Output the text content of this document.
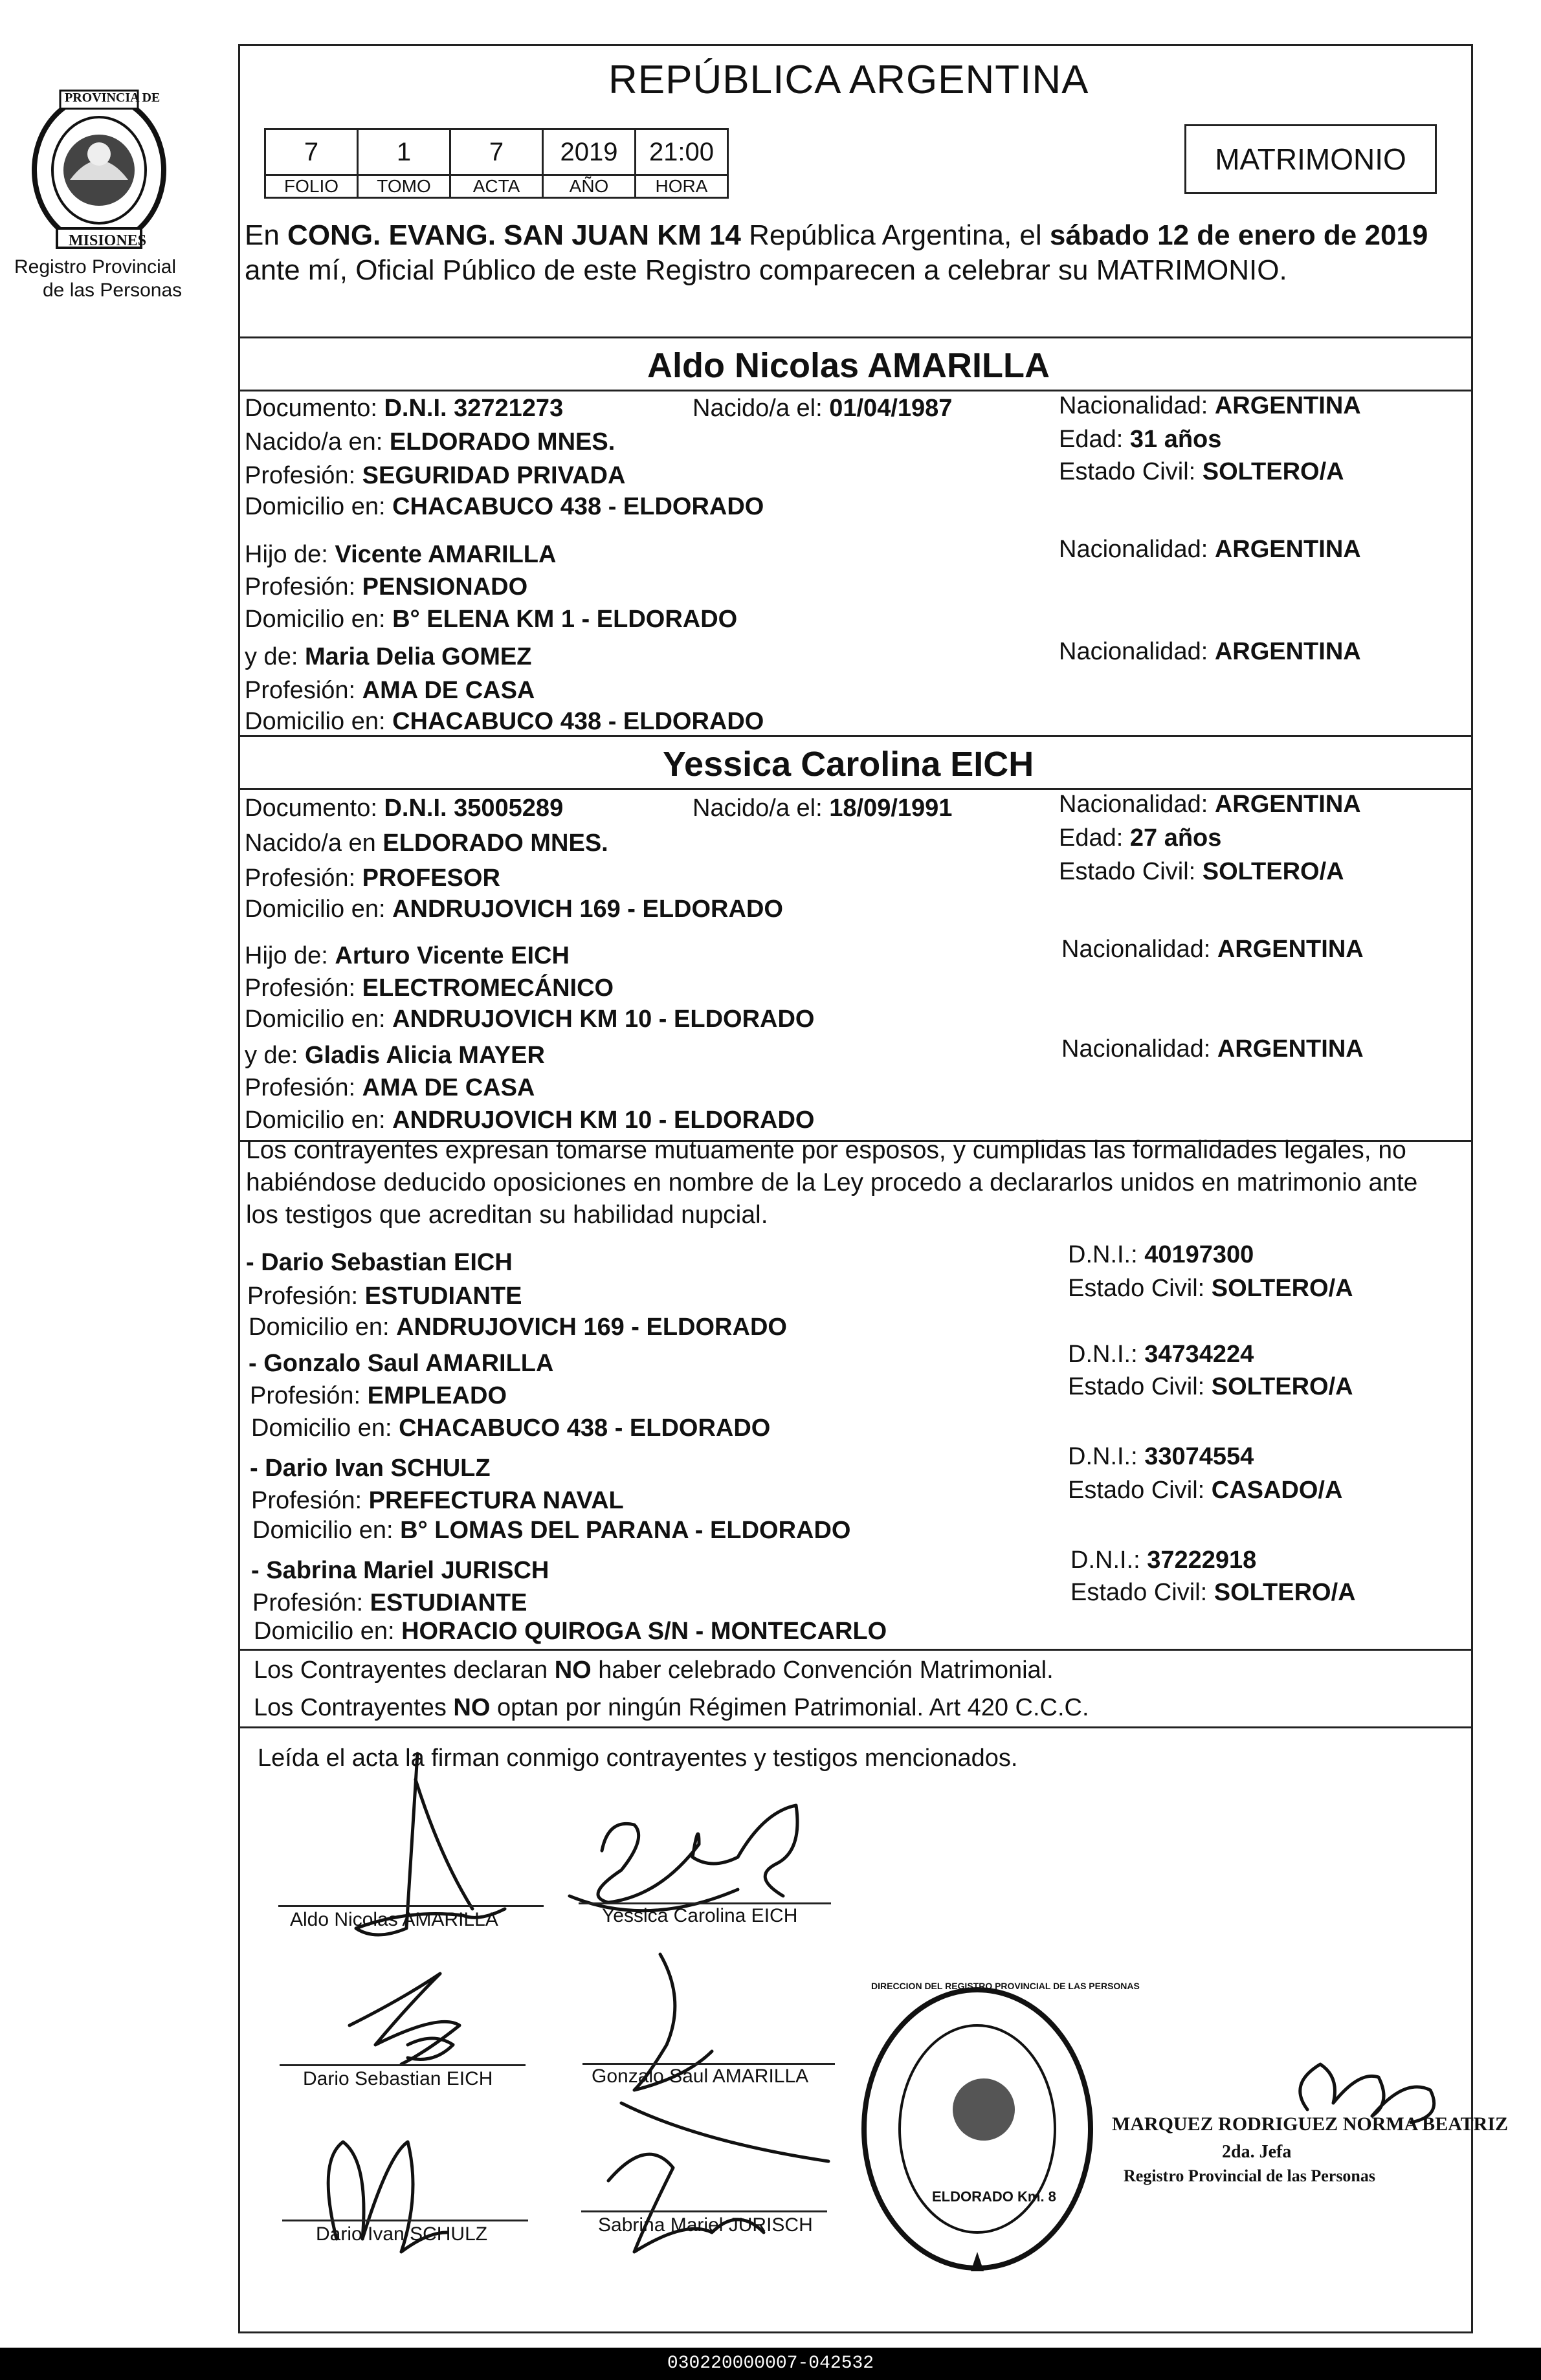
PROVINCIA DE
MISIONES
Registro Provincial
de las Personas
REPÚBLICA ARGENTINA
7	1	7	2019	21:00
FOLIO	TOMO	ACTA	AÑO	HORA
MATRIMONIO
En CONG. EVANG. SAN JUAN KM 14 República Argentina, el sábado 12 de enero de 2019
ante mí, Oficial Público de este Registro comparecen a celebrar su MATRIMONIO.
Aldo Nicolas AMARILLA
Documento: D.N.I. 32721273	Nacido/a el: 01/04/1987	Nacionalidad: ARGENTINA
Nacido/a en: ELDORADO MNES.	Edad: 31 años
Profesión: SEGURIDAD PRIVADA	Estado Civil: SOLTERO/A
Domicilio en: CHACABUCO 438 - ELDORADO
Hijo de: Vicente AMARILLA	Nacionalidad: ARGENTINA
Profesión: PENSIONADO
Domicilio en: B° ELENA KM 1 - ELDORADO
y de: Maria Delia GOMEZ	Nacionalidad: ARGENTINA
Profesión: AMA DE CASA
Domicilio en: CHACABUCO 438 - ELDORADO
Yessica Carolina EICH
Documento: D.N.I. 35005289	Nacido/a el: 18/09/1991	Nacionalidad: ARGENTINA
Nacido/a en ELDORADO MNES.	Edad: 27 años
Profesión: PROFESOR	Estado Civil: SOLTERO/A
Domicilio en: ANDRUJOVICH 169 - ELDORADO
Hijo de: Arturo Vicente EICH	Nacionalidad: ARGENTINA
Profesión: ELECTROMECÁNICO
Domicilio en: ANDRUJOVICH KM 10 - ELDORADO
y de: Gladis Alicia MAYER	Nacionalidad: ARGENTINA
Profesión: AMA DE CASA
Domicilio en: ANDRUJOVICH KM 10 - ELDORADO
Los contrayentes expresan tomarse mutuamente por esposos, y cumplidas las formalidades legales, no
habiéndose deducido oposiciones en nombre de la Ley procedo a declararlos unidos en matrimonio ante
los testigos que acreditan su habilidad nupcial.
- Dario Sebastian EICH	D.N.I.: 40197300
Profesión: ESTUDIANTE	Estado Civil: SOLTERO/A
Domicilio en: ANDRUJOVICH 169 - ELDORADO
- Gonzalo Saul AMARILLA	D.N.I.: 34734224
Profesión: EMPLEADO	Estado Civil: SOLTERO/A
Domicilio en: CHACABUCO 438 - ELDORADO
- Dario Ivan SCHULZ	D.N.I.: 33074554
Profesión: PREFECTURA NAVAL	Estado Civil: CASADO/A
Domicilio en: B° LOMAS DEL PARANA - ELDORADO
- Sabrina Mariel JURISCH	D.N.I.: 37222918
Profesión: ESTUDIANTE	Estado Civil: SOLTERO/A
Domicilio en: HORACIO QUIROGA S/N - MONTECARLO
Los Contrayentes declaran NO haber celebrado Convención Matrimonial.
Los Contrayentes NO optan por ningún Régimen Patrimonial. Art 420 C.C.C.
Leída el acta la firman conmigo contrayentes y testigos mencionados.
Aldo Nicolas AMARILLA	Yessica Carolina EICH
Dario Sebastian EICH	Gonzalo Saul AMARILLA
Dario Ivan SCHULZ	Sabrina Mariel JURISCH
DIRECCION DEL REGISTRO PROVINCIAL DE LAS PERSONAS
ELDORADO Km. 8
MARQUEZ RODRIGUEZ NORMA BEATRIZ
2da. Jefa
Registro Provincial de las Personas
030220000007-042532
